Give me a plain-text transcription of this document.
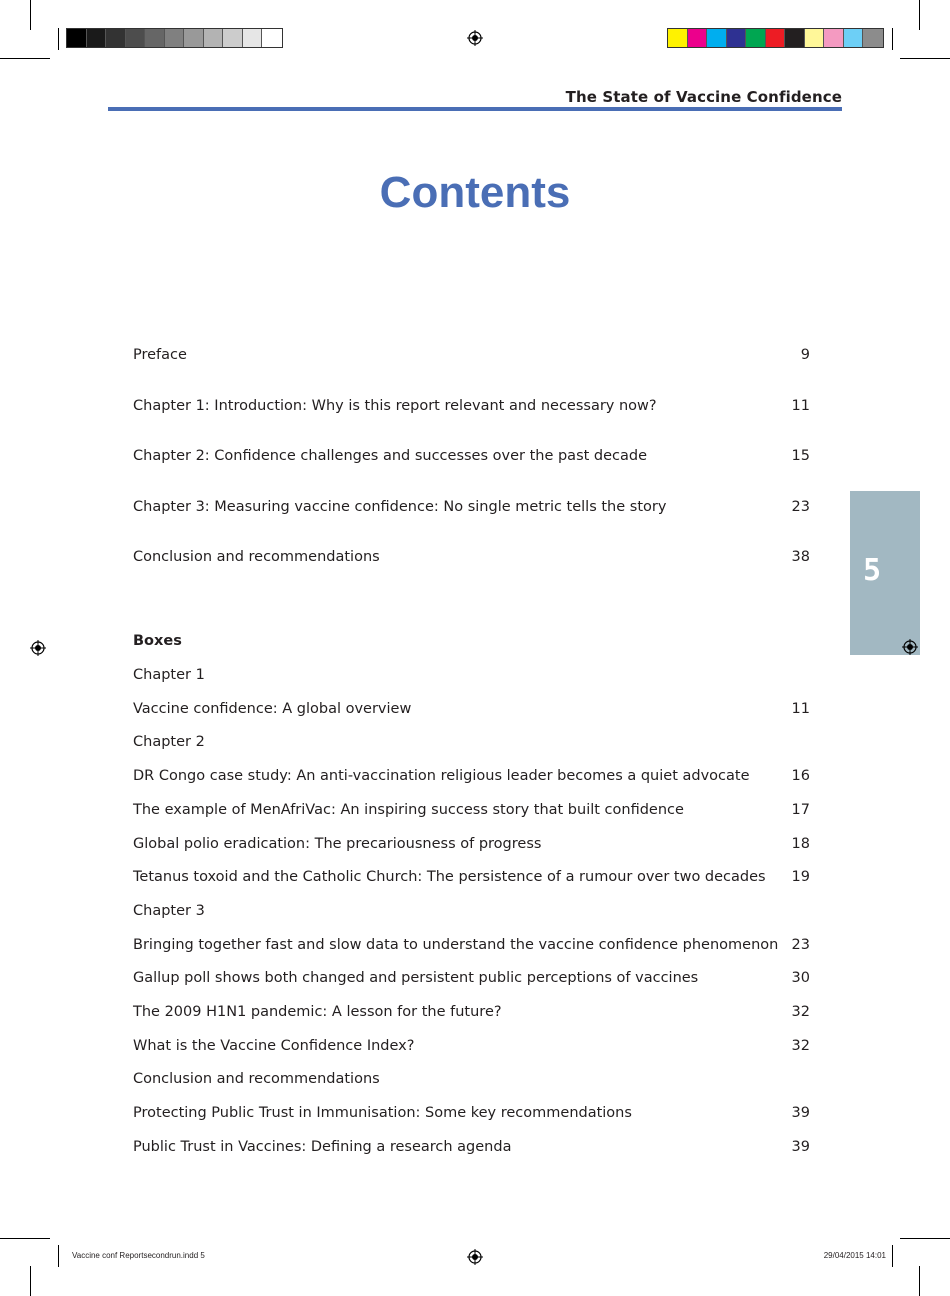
The State of Vaccine Confidence
Contents
Preface	9
Chapter 1: Introduction: Why is this report relevant and necessary now?	11
Chapter 2: Confidence challenges and successes over the past decade	15
Chapter 3: Measuring vaccine confidence: No single metric tells the story	23
Conclusion and recommendations	38
Boxes
Chapter 1
Vaccine confidence: A global overview	11
Chapter 2
DR Congo case study: An anti-vaccination religious leader becomes a quiet advocate	16
The example of MenAfriVac: An inspiring success story that built confidence	17
Global polio eradication: The precariousness of progress	18
Tetanus toxoid and the Catholic Church: The persistence of a rumour over two decades 19
Chapter 3
Bringing together fast and slow data to understand the vaccine confidence phenomenon 23
Gallup poll shows both changed and persistent public perceptions of vaccines	30
The 2009 H1N1 pandemic: A lesson for the future?	32
What is the Vaccine Confidence Index?	32
Conclusion and recommendations
Protecting Public Trust in Immunisation: Some key recommendations	39
Public Trust in Vaccines: Defining a research agenda	39
5
Vaccine conf Reportsecondrun.indd 5	29/04/2015 14:01
